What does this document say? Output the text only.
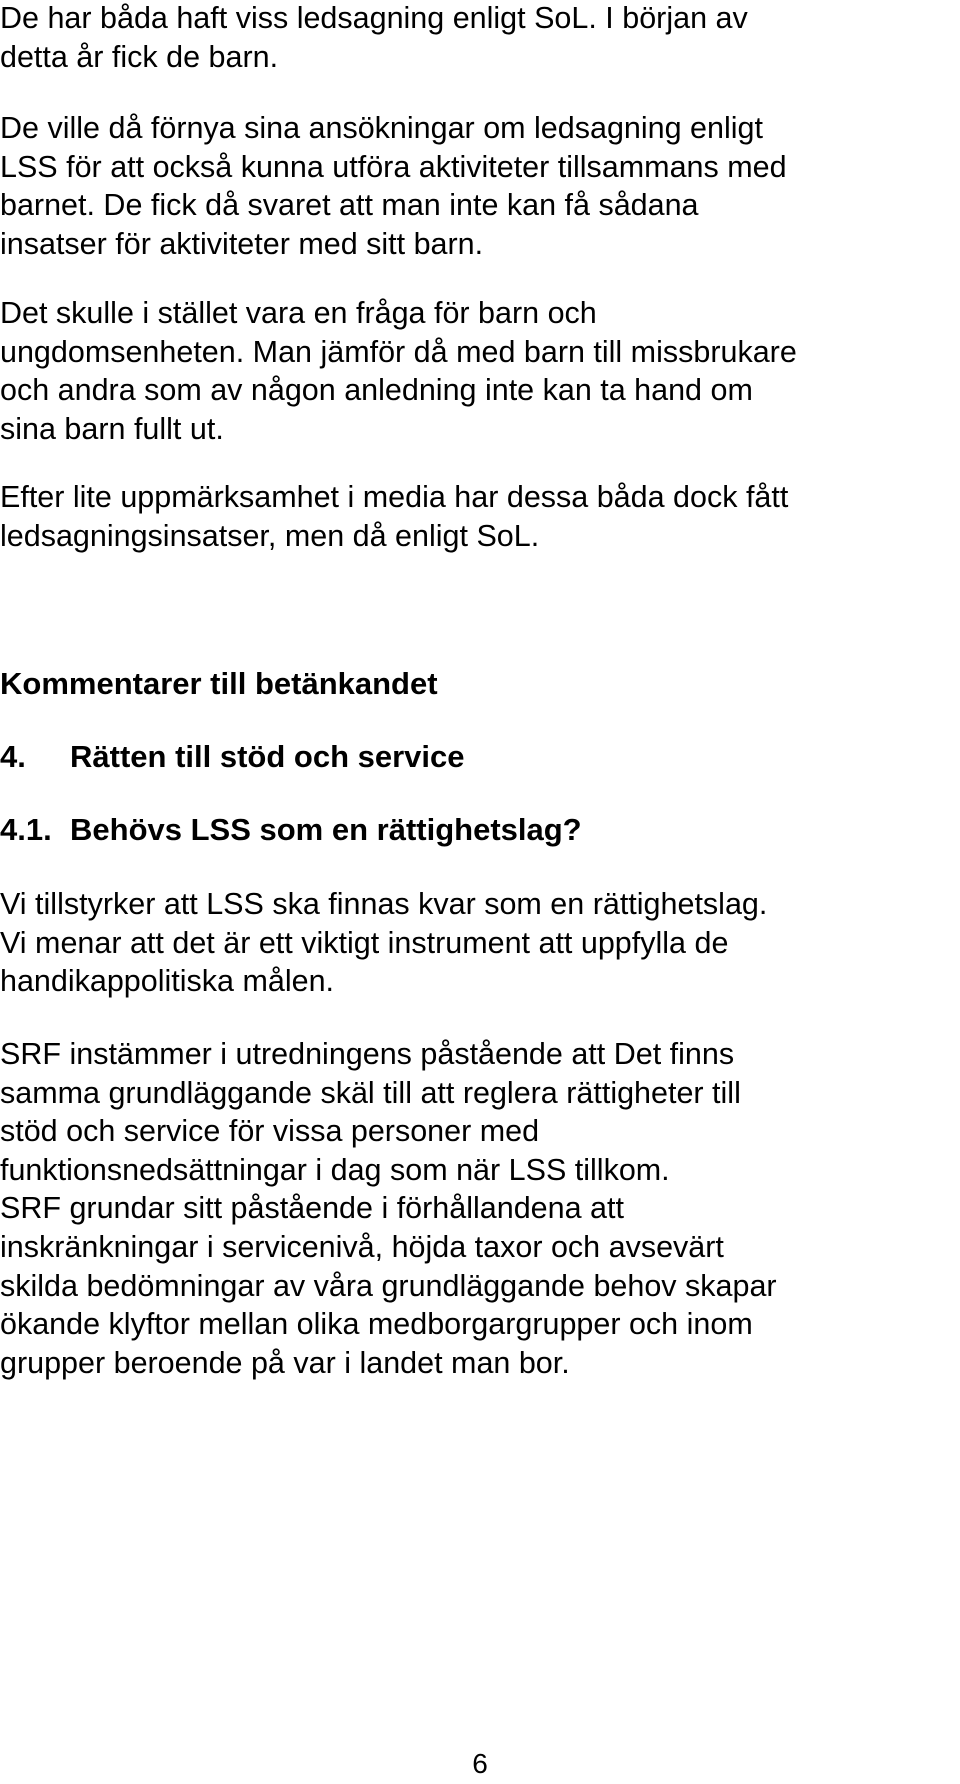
De har båda haft viss ledsagning enligt SoL. I början av
detta år fick de barn.
De ville då förnya sina ansökningar om ledsagning enligt
LSS för att också kunna utföra aktiviteter tillsammans med
barnet. De fick då svaret att man inte kan få sådana
insatser för aktiviteter med sitt barn.
Det skulle i stället vara en fråga för barn och
ungdomsenheten. Man jämför då med barn till missbrukare
och andra som av någon anledning inte kan ta hand om
sina barn fullt ut.
Efter lite uppmärksamhet i media har dessa båda dock fått
ledsagningsinsatser, men då enligt SoL.
Kommentarer till betänkandet
4. Rätten till stöd och service
4.1. Behövs LSS som en rättighetslag?
Vi tillstyrker att LSS ska finnas kvar som en rättighetslag.
Vi menar att det är ett viktigt instrument att uppfylla de
handikappolitiska målen.
SRF instämmer i utredningens påstående att Det finns
samma grundläggande skäl till att reglera rättigheter till
stöd och service för vissa personer med
funktionsnedsättningar i dag som när LSS tillkom.
SRF grundar sitt påstående i förhållandena att
inskränkningar i servicenivå, höjda taxor och avsevärt
skilda bedömningar av våra grundläggande behov skapar
ökande klyftor mellan olika medborgargrupper och inom
grupper beroende på var i landet man bor.
6
